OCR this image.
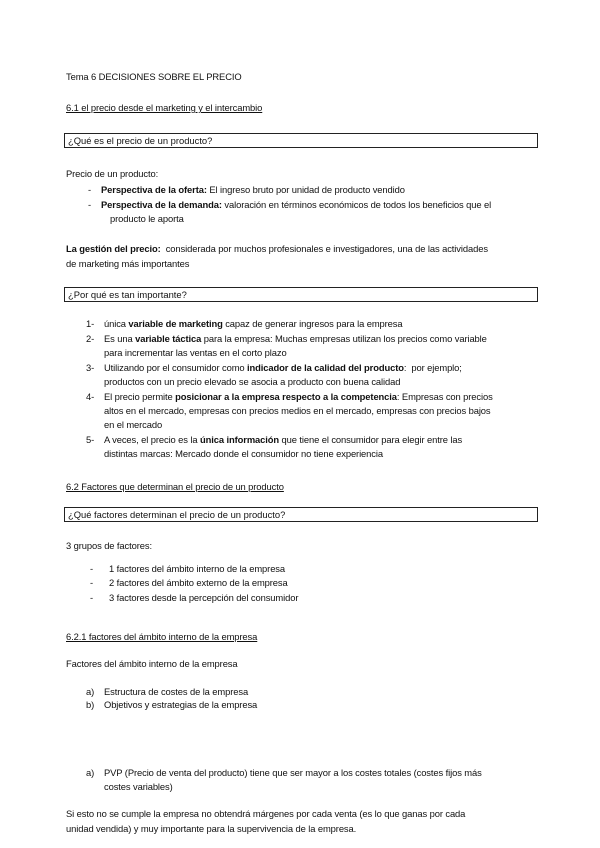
Tema 6 DECISIONES SOBRE EL PRECIO
6.1 el precio desde el marketing y el intercambio
¿Qué es el precio de un producto?
Precio de un producto:
- Perspectiva de la oferta: El ingreso bruto por unidad de producto vendido
- Perspectiva de la demanda: valoración en términos económicos de todos los beneficios que el
producto le aporta
La gestión del precio:  considerada por muchos profesionales e investigadores, una de las actividades
de marketing más importantes
¿Por qué es tan importante?
1- única variable de marketing capaz de generar ingresos para la empresa
2- Es una variable táctica para la empresa: Muchas empresas utilizan los precios como variable
para incrementar las ventas en el corto plazo
3- Utilizando por el consumidor como indicador de la calidad del producto:  por ejemplo;
productos con un precio elevado se asocia a producto con buena calidad
4- El precio permite posicionar a la empresa respecto a la competencia: Empresas con precios
altos en el mercado, empresas con precios medios en el mercado, empresas con precios bajos
en el mercado
5- A veces, el precio es la única información que tiene el consumidor para elegir entre las
distintas marcas: Mercado donde el consumidor no tiene experiencia
6.2 Factores que determinan el precio de un producto
¿Qué factores determinan el precio de un producto?
3 grupos de factores:
- 1 factores del ámbito interno de la empresa
- 2 factores del ámbito externo de la empresa
- 3 factores desde la percepción del consumidor
6.2.1 factores del ámbito interno de la empresa
Factores del ámbito interno de la empresa
a) Estructura de costes de la empresa
b) Objetivos y estrategias de la empresa
a) PVP (Precio de venta del producto) tiene que ser mayor a los costes totales (costes fijos más
costes variables)
Si esto no se cumple la empresa no obtendrá márgenes por cada venta (es lo que ganas por cada
unidad vendida) y muy importante para la supervivencia de la empresa.
